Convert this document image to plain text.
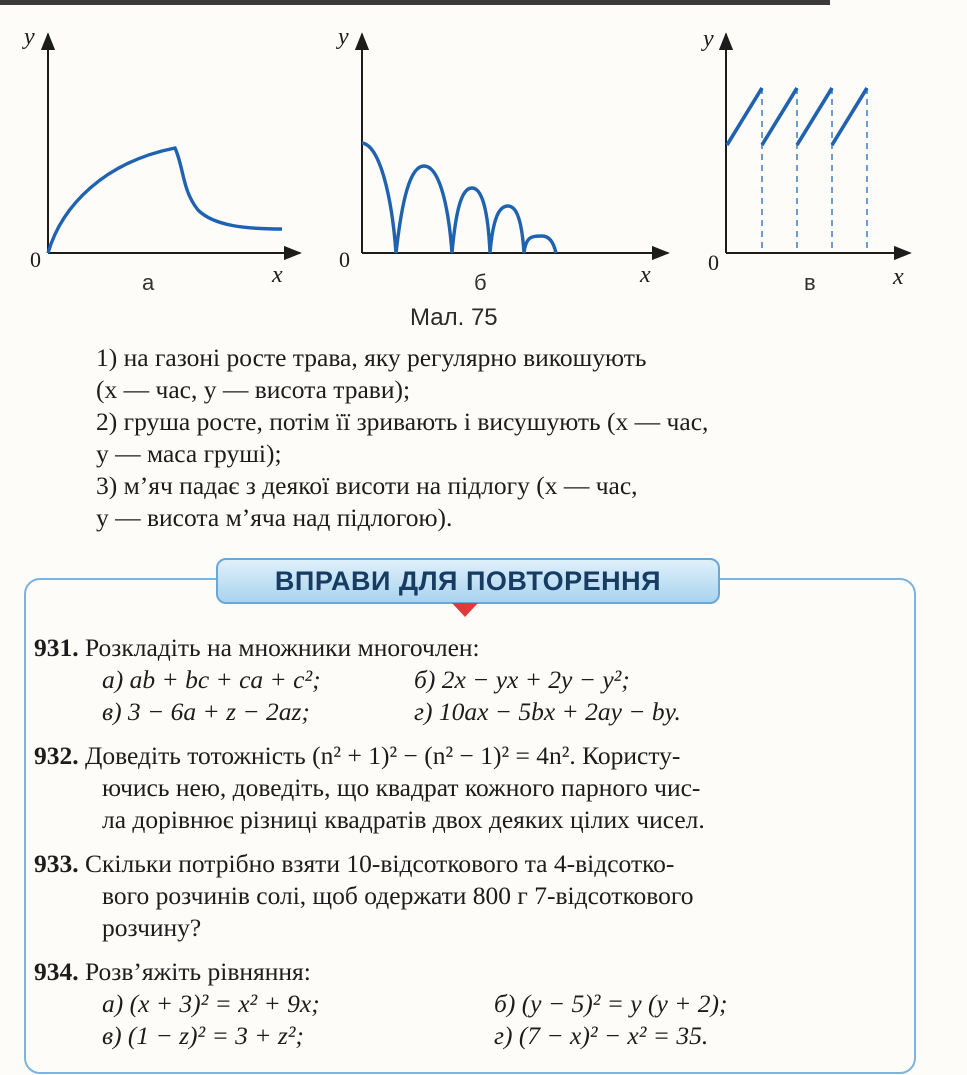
y
x
0
а
y
x
0
б
y
x
0
в
Мал. 75
1) на газоні росте трава, яку регулярно викошують
(x — час, y — висота трави);
2) груша росте, потім її зривають і висушують (x — час,
y — маса груші);
3) м’яч падає з деякої висоти на підлогу (x — час,
y — висота м’яча над підлогою).
ВПРАВИ ДЛЯ ПОВТОРЕННЯ
931. Розкладіть на множники многочлен:
а) ab + bc + ca + c²;	б) 2x − yx + 2y − y²;
в) 3 − 6a + z − 2az;	г) 10ax − 5bx + 2ay − by.
932. Доведіть тотожність (n² + 1)² − (n² − 1)² = 4n². Користу-
ючись нею, доведіть, що квадрат кожного парного чис-
ла дорівнює різниці квадратів двох деяких цілих чисел.
933. Скільки потрібно взяти 10-відсоткового та 4-відсотко-
вого розчинів солі, щоб одержати 800 г 7-відсоткового
розчину?
934. Розв’яжіть рівняння:
а) (x + 3)² = x² + 9x;	б) (y − 5)² = y (y + 2);
в) (1 − z)² = 3 + z²;	г) (7 − x)² − x² = 35.
